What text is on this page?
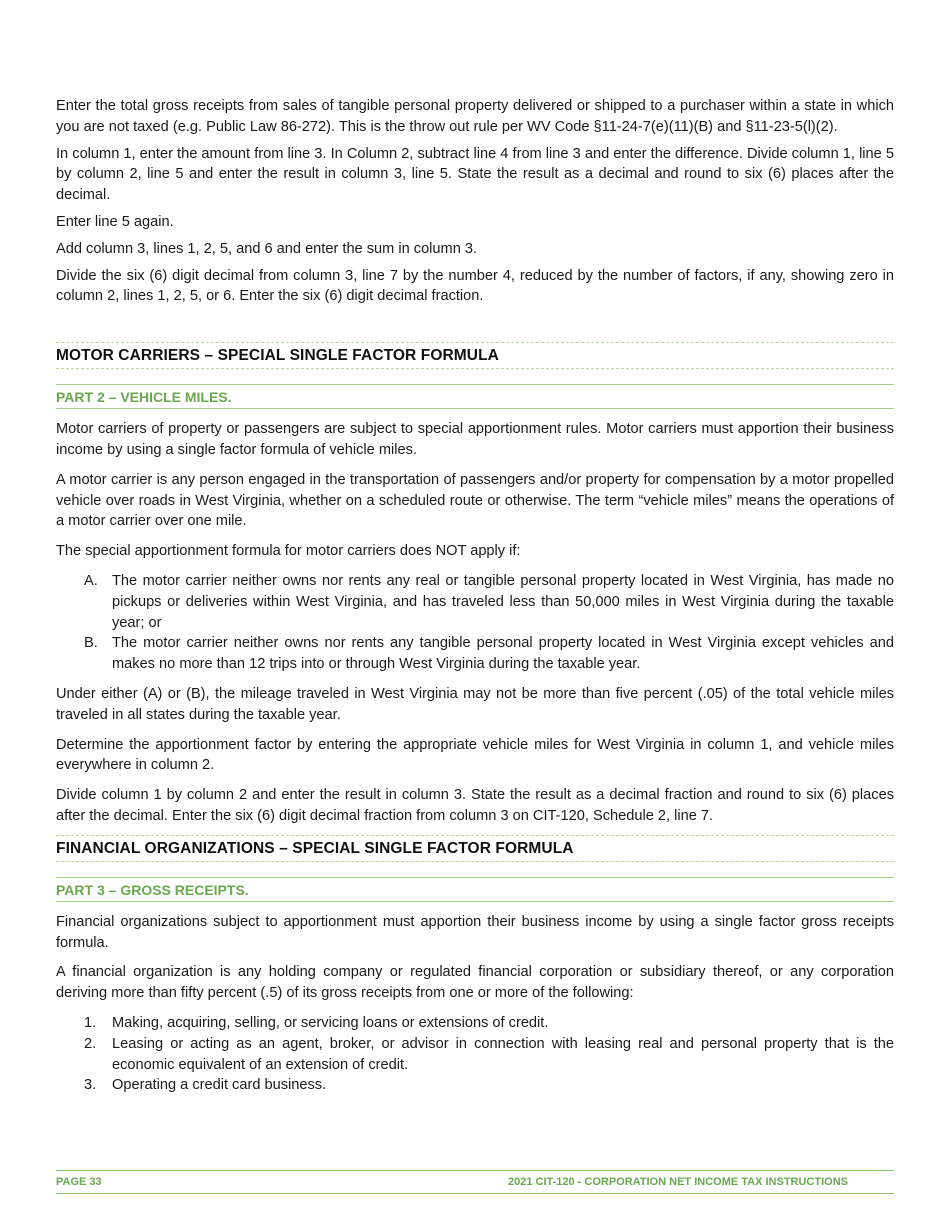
Enter the total gross receipts from sales of tangible personal property delivered or shipped to a purchaser within a state in which you are not taxed (e.g. Public Law 86-272). This is the throw out rule per WV Code §11-24-7(e)(11)(B) and §11-23-5(l)(2).

In column 1, enter the amount from line 3. In Column 2, subtract line 4 from line 3 and enter the difference. Divide column 1, line 5 by column 2, line 5 and enter the result in column 3, line 5. State the result as a decimal and round to six (6) places after the decimal.

Enter line 5 again.

Add column 3, lines 1, 2, 5, and 6 and enter the sum in column 3.

Divide the six (6) digit decimal from column 3, line 7 by the number 4, reduced by the number of factors, if any, showing zero in column 2, lines 1, 2, 5, or 6. Enter the six (6) digit decimal fraction.

MOTOR CARRIERS – SPECIAL SINGLE FACTOR FORMULA
PART 2 – VEHICLE MILES.

Motor carriers of property or passengers are subject to special apportionment rules. Motor carriers must apportion their business income by using a single factor formula of vehicle miles.

A motor carrier is any person engaged in the transportation of passengers and/or property for compensation by a motor propelled vehicle over roads in West Virginia, whether on a scheduled route or otherwise. The term “vehicle miles” means the operations of a motor carrier over one mile.

The special apportionment formula for motor carriers does NOT apply if:

A. The motor carrier neither owns nor rents any real or tangible personal property located in West Virginia, has made no pickups or deliveries within West Virginia, and has traveled less than 50,000 miles in West Virginia during the taxable year; or
B. The motor carrier neither owns nor rents any tangible personal property located in West Virginia except vehicles and makes no more than 12 trips into or through West Virginia during the taxable year.

Under either (A) or (B), the mileage traveled in West Virginia may not be more than five percent (.05) of the total vehicle miles traveled in all states during the taxable year.

Determine the apportionment factor by entering the appropriate vehicle miles for West Virginia in column 1, and vehicle miles everywhere in column 2.

Divide column 1 by column 2 and enter the result in column 3. State the result as a decimal fraction and round to six (6) places after the decimal. Enter the six (6) digit decimal fraction from column 3 on CIT-120, Schedule 2, line 7.

FINANCIAL ORGANIZATIONS – SPECIAL SINGLE FACTOR FORMULA
PART 3 – GROSS RECEIPTS.

Financial organizations subject to apportionment must apportion their business income by using a single factor gross receipts formula.

A financial organization is any holding company or regulated financial corporation or subsidiary thereof, or any corporation deriving more than fifty percent (.5) of its gross receipts from one or more of the following:

1. Making, acquiring, selling, or servicing loans or extensions of credit.
2. Leasing or acting as an agent, broker, or advisor in connection with leasing real and personal property that is the economic equivalent of an extension of credit.
3. Operating a credit card business.
PAGE 33	2021 CIT-120 - CORPORATION NET INCOME TAX INSTRUCTIONS
